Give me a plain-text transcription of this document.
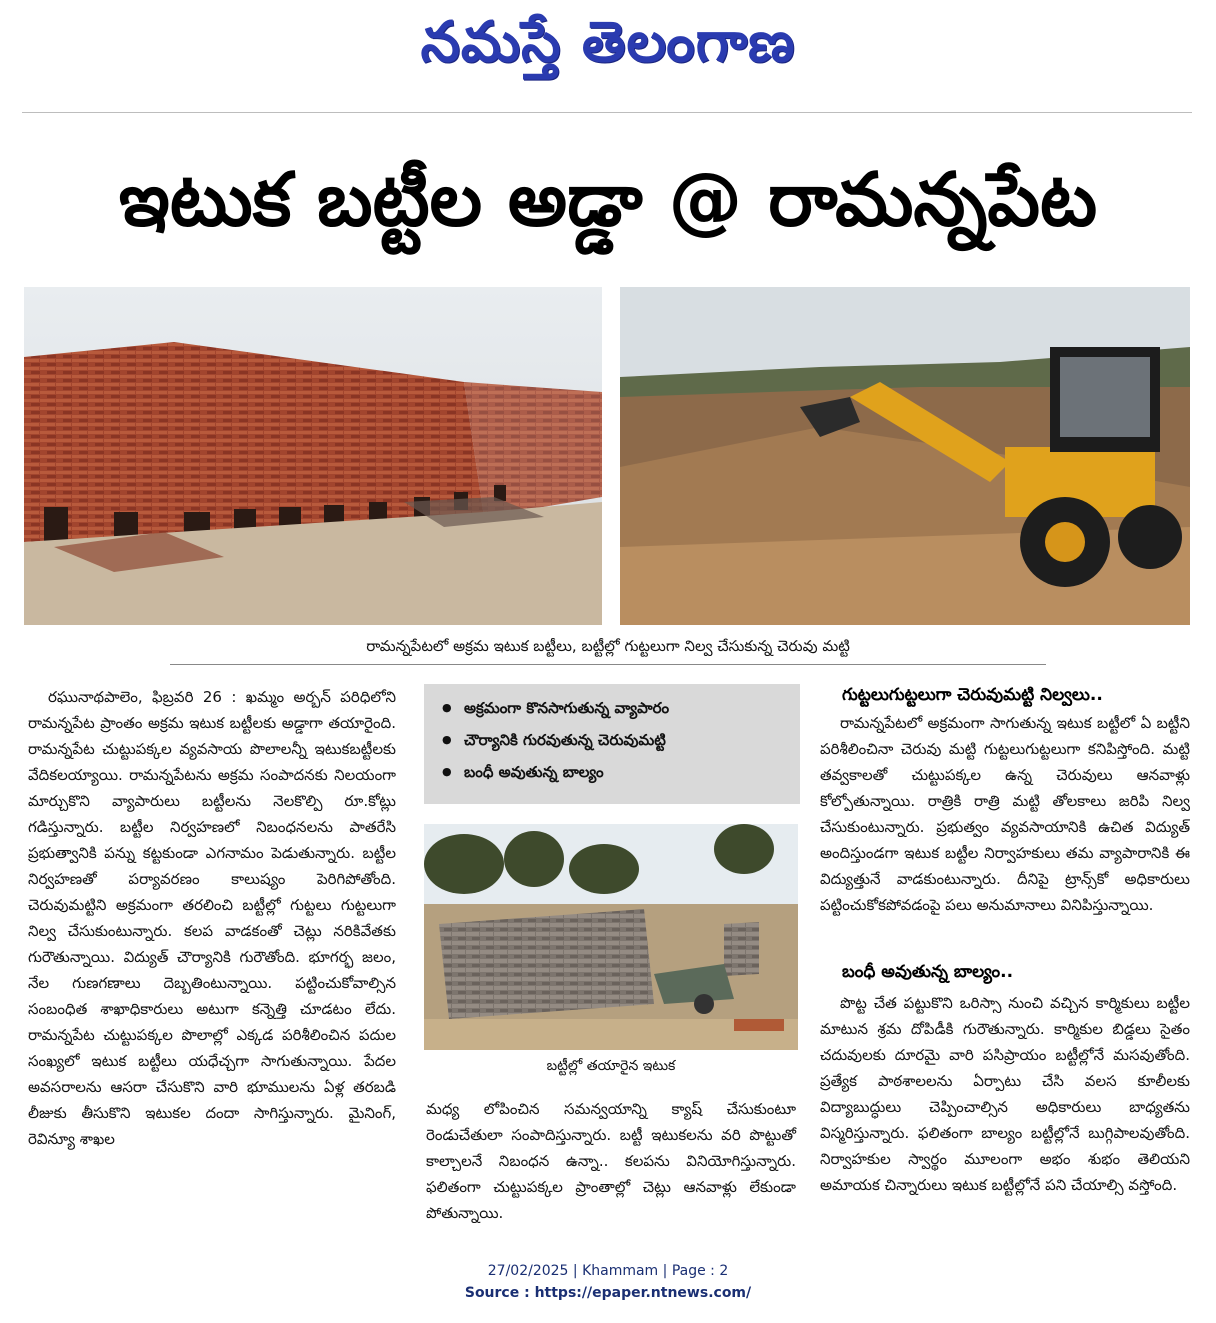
నమస్తే తెలంగాణ
ఇటుక బట్టీల అడ్డా @ రామన్నపేట
రామన్నపేటలో అక్రమ ఇటుక బట్టీలు, బట్టీల్లో గుట్టలుగా నిల్వ చేసుకున్న చెరువు మట్టి

రఘునాథపాలెం, ఫిబ్రవరి 26 : ఖమ్మం అర్బన్ పరిధిలోని రామన్నపేట ప్రాంతం అక్రమ ఇటుక బట్టీలకు అడ్డాగా తయారైంది. రామన్నపేట చుట్టుపక్కల వ్యవసాయ పొలాలన్నీ ఇటుకబట్టీలకు వేదికలయ్యాయి. రామన్నపేటను అక్రమ సంపాదనకు నిలయంగా మార్చుకొని వ్యాపారులు బట్టీలను నెలకొల్పి రూ.కోట్లు గడిస్తున్నారు. బట్టీల నిర్వహణలో నిబంధనలను పాతరేసి ప్రభుత్వానికి పన్ను కట్టకుండా ఎగనామం పెడుతున్నారు. బట్టీల నిర్వహణతో పర్యావరణం కాలుష్యం పెరిగిపోతోంది. చెరువుమట్టిని అక్రమంగా తరలించి బట్టీల్లో గుట్టలు గుట్టలుగా నిల్వ చేసుకుంటున్నారు. కలప వాడకంతో చెట్లు నరికివేతకు గురౌతున్నాయి. విద్యుత్ చౌర్యానికి గురౌతోంది. భూగర్భ జలం, నేల గుణగణాలు దెబ్బతింటున్నాయి. పట్టించుకోవాల్సిన సంబంధిత శాఖాధికారులు అటుగా కన్నెత్తి చూడటం లేదు. రామన్నపేట చుట్టుపక్కల పొలాల్లో ఎక్కడ పరిశీలించిన పదుల సంఖ్యలో ఇటుక బట్టీలు యధేచ్చగా సాగుతున్నాయి. పేదల అవసరాలను ఆసరా చేసుకొని వారి భూములను ఏళ్ల తరబడి లీజుకు తీసుకొని ఇటుకల దందా సాగిస్తున్నారు. మైనింగ్, రెవిన్యూ శాఖల

● అక్రమంగా కొనసాగుతున్న వ్యాపారం
● చౌర్యానికి గురవుతున్న చెరువుమట్టి
● బంధీ అవుతున్న బాల్యం
బట్టీల్లో తయారైన ఇటుక

మధ్య లోపించిన సమన్వయాన్ని క్యాష్ చేసుకుంటూ రెండుచేతులా సంపాదిస్తున్నారు. బట్టీ ఇటుకలను వరి పొట్టుతో కాల్చాలనే నిబంధన ఉన్నా.. కలపను వినియోగిస్తున్నారు. ఫలితంగా చుట్టుపక్కల ప్రాంతాల్లో చెట్లు ఆనవాళ్లు లేకుండా పోతున్నాయి.

గుట్టలుగుట్టలుగా చెరువుమట్టి నిల్వలు..

రామన్నపేటలో అక్రమంగా సాగుతున్న ఇటుక బట్టీలో ఏ బట్టీని పరిశీలించినా చెరువు మట్టి గుట్టలుగుట్టలుగా కనిపిస్తోంది. మట్టి తవ్వకాలతో చుట్టుపక్కల ఉన్న చెరువులు ఆనవాళ్లు కోల్పోతున్నాయి. రాత్రికి రాత్రి మట్టి తోలకాలు జరిపి నిల్వ చేసుకుంటున్నారు. ప్రభుత్వం వ్యవసాయానికి ఉచిత విద్యుత్ అందిస్తుండగా ఇటుక బట్టీల నిర్వాహకులు తమ వ్యాపారానికి ఈ విద్యుత్తునే వాడకుంటున్నారు. దీనిపై ట్రాన్స్‌కో అధికారులు పట్టించుకోకపోవడంపై పలు అనుమానాలు వినిపిస్తున్నాయి.

బంధీ అవుతున్న బాల్యం..

పొట్ట చేత పట్టుకొని ఒరిస్సా నుంచి వచ్చిన కార్మికులు బట్టీల మాటున శ్రమ దోపిడీకి గురౌతున్నారు. కార్మికుల బిడ్డలు సైతం చదువులకు దూరమై వారి పసిప్రాయం బట్టీల్లోనే మసవుతోంది. ప్రత్యేక పాఠశాలలను ఏర్పాటు చేసి వలస కూలీలకు విద్యాబుద్ధులు చెప్పించాల్సిన అధికారులు బాధ్యతను విస్మరిస్తున్నారు. ఫలితంగా బాల్యం బట్టీల్లోనే బుగ్గిపాలవుతోంది. నిర్వాహకుల స్వార్థం మూలంగా అభం శుభం తెలియని అమాయక చిన్నారులు ఇటుక బట్టీల్లోనే పని చేయాల్సి వస్తోంది.

27/02/2025 | Khammam | Page : 2
Source : https://epaper.ntnews.com/
